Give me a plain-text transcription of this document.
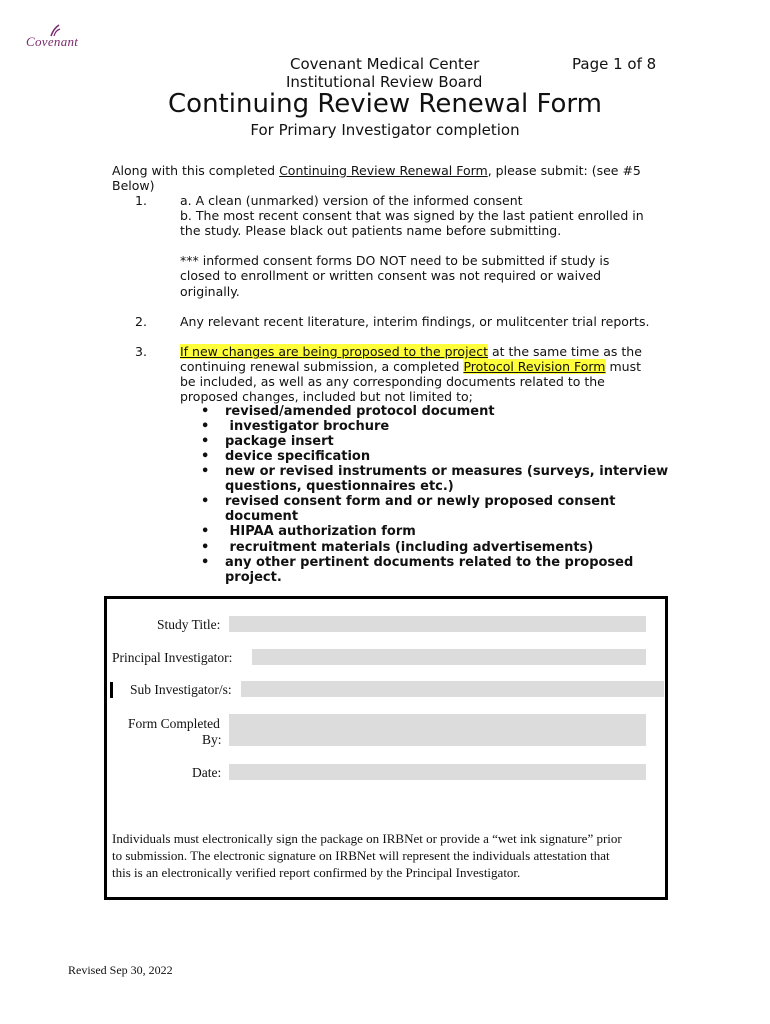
Covenant
Covenant Medical Center	Page 1 of 8
Institutional Review Board
Continuing Review Renewal Form
For Primary Investigator completion
Along with this completed Continuing Review Renewal Form, please submit: (see #5
Below)
1.	a. A clean (unmarked) version of the informed consent
b. The most recent consent that was signed by the last patient enrolled in
the study. Please black out patients name before submitting.
*** informed consent forms DO NOT need to be submitted if study is
closed to enrollment or written consent was not required or waived
originally.
2.	Any relevant recent literature, interim findings, or mulitcenter trial reports.
3.	If new changes are being proposed to the project at the same time as the
continuing renewal submission, a completed Protocol Revision Form must
be included, as well as any corresponding documents related to the
proposed changes, included but not limited to;
• revised/amended protocol document
• investigator brochure
• package insert
• device specification
• new or revised instruments or measures (surveys, interview
questions, questionnaires etc.)
• revised consent form and or newly proposed consent
document
• HIPAA authorization form
• recruitment materials (including advertisements)
• any other pertinent documents related to the proposed
project.
Study Title:
Principal Investigator:
Sub Investigator/s:
Form Completed
By:
Date:
Individuals must electronically sign the package on IRBNet or provide a “wet ink signature” prior
to submission. The electronic signature on IRBNet will represent the individuals attestation that
this is an electronically verified report confirmed by the Principal Investigator.
Revised Sep 30, 2022
